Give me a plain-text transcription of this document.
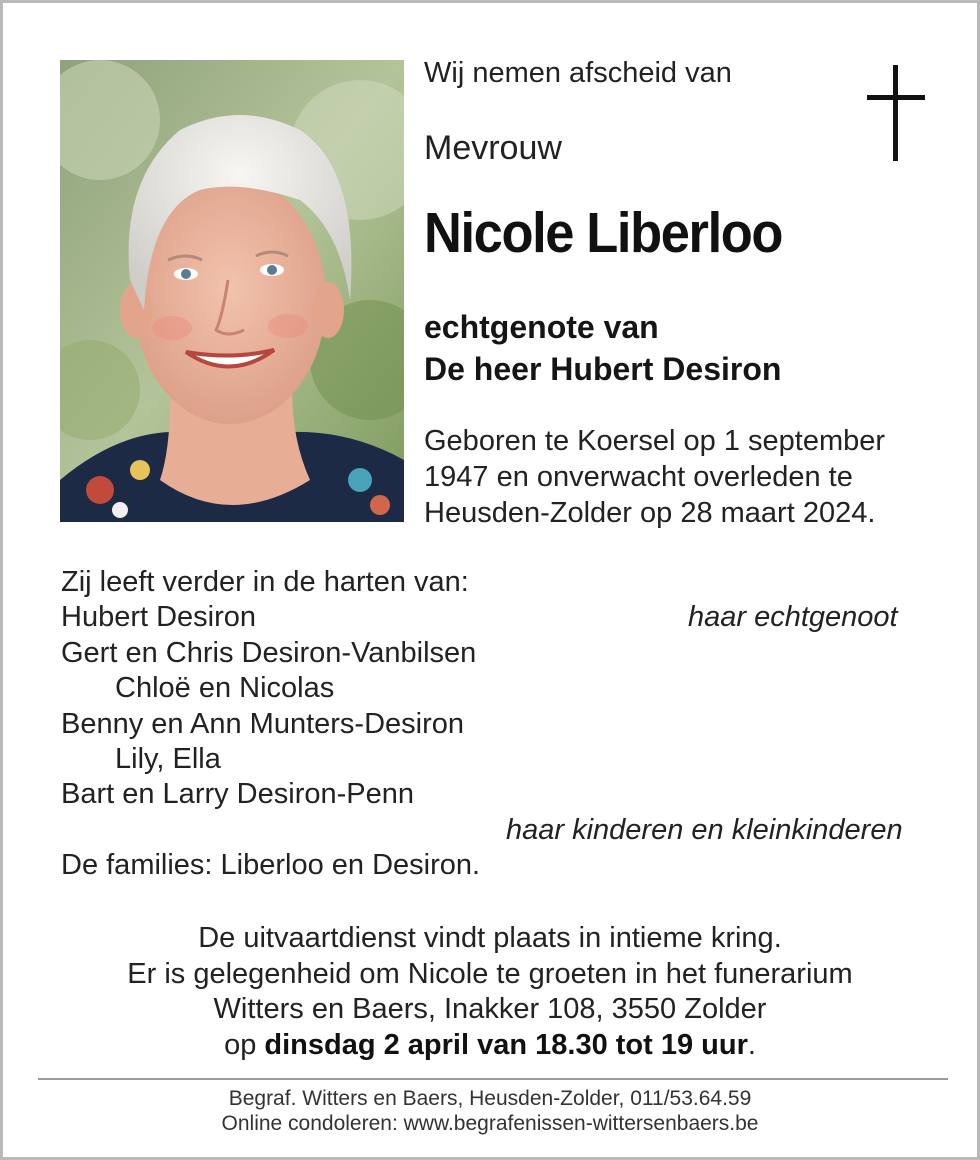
Wij nemen afscheid van
Mevrouw
Nicole Liberloo
echtgenote van
De heer Hubert Desiron
Geboren te Koersel op 1 september
1947 en onverwacht overleden te
Heusden-Zolder op 28 maart 2024.
Zij leeft verder in de harten van:
Hubert Desiron	haar echtgenoot
Gert en Chris Desiron-Vanbilsen
Chloë en Nicolas
Benny en Ann Munters-Desiron
Lily, Ella
Bart en Larry Desiron-Penn
haar kinderen en kleinkinderen
De families: Liberloo en Desiron.
De uitvaartdienst vindt plaats in intieme kring.
Er is gelegenheid om Nicole te groeten in het funerarium
Witters en Baers, Inakker 108, 3550 Zolder
op dinsdag 2 april van 18.30 tot 19 uur.
Begraf. Witters en Baers, Heusden-Zolder, 011/53.64.59
Online condoleren: www.begrafenissen-wittersenbaers.be
